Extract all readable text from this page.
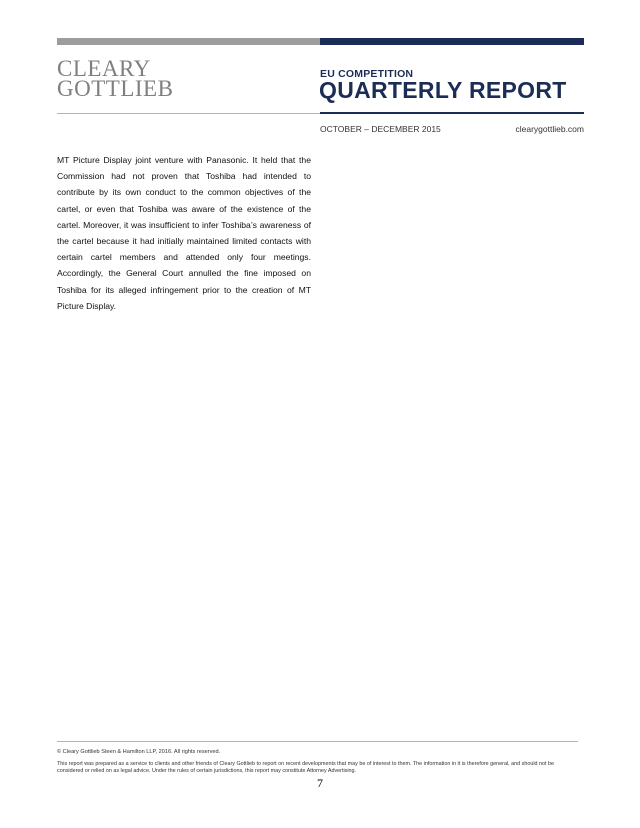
CLEARY
GOTTLIEB
EU COMPETITION
QUARTERLY REPORT
OCTOBER – DECEMBER 2015	clearygottlieb.com

MT Picture Display joint venture with Panasonic. It held that the Commission had not proven that Toshiba had intended to contribute by its own conduct to the common objectives of the cartel, or even that Toshiba was aware of the existence of the cartel. Moreover, it was insufficient to infer Toshiba’s awareness of the cartel because it had initially maintained limited contacts with certain cartel members and attended only four meetings. Accordingly, the General Court annulled the fine imposed on Toshiba for its alleged infringement prior to the creation of MT Picture Display.

© Cleary Gottlieb Steen & Hamilton LLP, 2016. All rights reserved.

This report was prepared as a service to clients and other friends of Cleary Gottlieb to report on recent developments that may be of interest to them. The information in it is therefore general, and should not be considered or relied on as legal advice. Under the rules of certain jurisdictions, this report may constitute Attorney Advertising.

7
